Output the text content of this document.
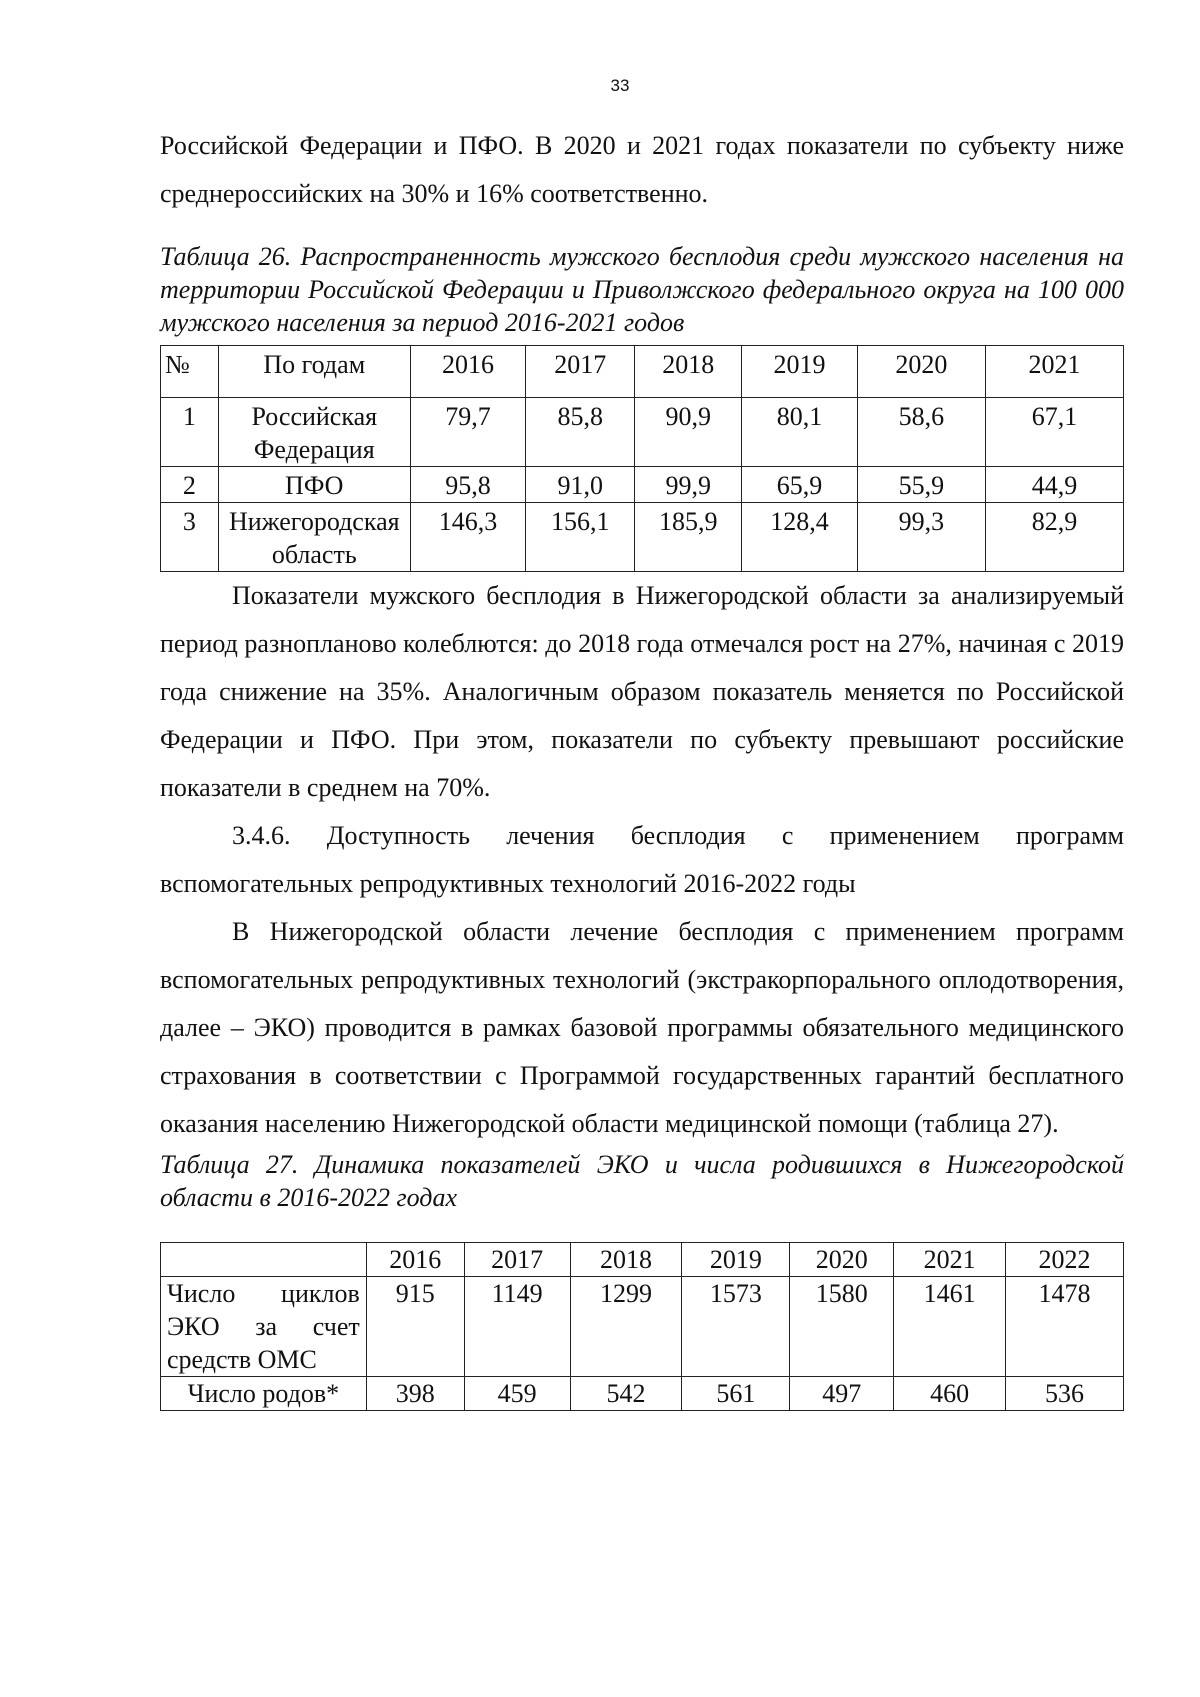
33

Российской Федерации и ПФО. В 2020 и 2021 годах показатели по субъекту ниже среднероссийских на 30% и 16% соответственно.

Таблица 26. Распространенность мужского бесплодия среди мужского населения на территории Российской Федерации и Приволжского федерального округа на 100 000 мужского населения за период 2016-2021 годов

№	По годам	2016	2017	2018	2019	2020	2021
1	Российская Федерация	79,7	85,8	90,9	80,1	58,6	67,1
2	ПФО	95,8	91,0	99,9	65,9	55,9	44,9
3	Нижегородская область	146,3	156,1	185,9	128,4	99,3	82,9

Показатели мужского бесплодия в Нижегородской области за анализируемый период разнопланово колеблются: до 2018 года отмечался рост на 27%, начиная с 2019 года снижение на 35%. Аналогичным образом показатель меняется по Российской Федерации и ПФО. При этом, показатели по субъекту превышают российские показатели в среднем на 70%.

3.4.6. Доступность лечения бесплодия с применением программ вспомогательных репродуктивных технологий 2016-2022 годы

В Нижегородской области лечение бесплодия с применением программ вспомогательных репродуктивных технологий (экстракорпорального оплодотворения, далее – ЭКО) проводится в рамках базовой программы обязательного медицинского страхования в соответствии с Программой государственных гарантий бесплатного оказания населению Нижегородской области медицинской помощи (таблица 27).

Таблица 27. Динамика показателей ЭКО и числа родившихся в Нижегородской области в 2016-2022 годах

	2016	2017	2018	2019	2020	2021	2022
Число циклов ЭКО за счет средств ОМС	915	1149	1299	1573	1580	1461	1478
Число родов*	398	459	542	561	497	460	536
